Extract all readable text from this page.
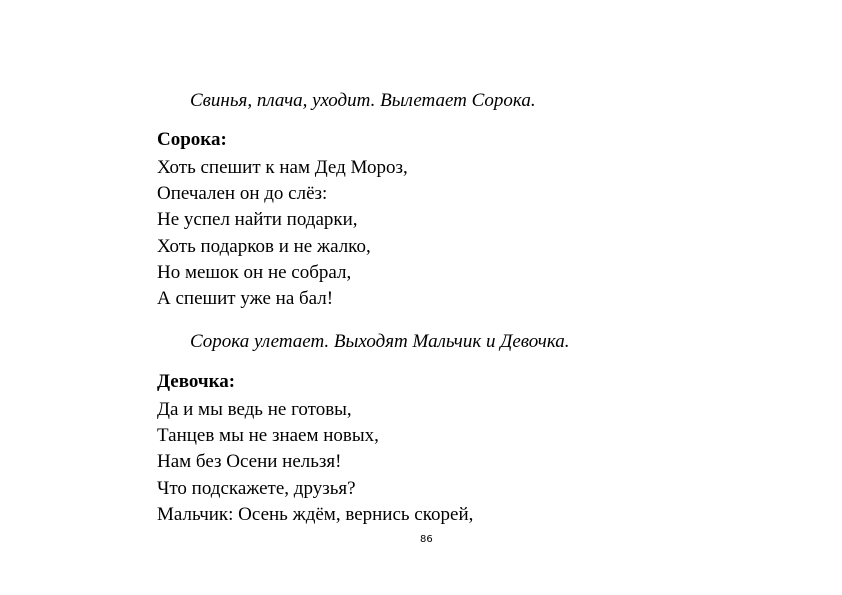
Свинья, плача, уходит. Вылетает Сорока.
Сорока:
Хоть спешит к нам Дед Мороз,
Опечален он до слёз:
Не успел найти подарки,
Хоть подарков и не жалко,
Но мешок он не собрал,
А спешит уже на бал!
Сорока улетает. Выходят Мальчик и Девочка.
Девочка:
Да и мы ведь не готовы,
Танцев мы не знаем новых,
Нам без Осени нельзя!
Что подскажете, друзья?
Мальчик: Осень ждём, вернись скорей,
86
